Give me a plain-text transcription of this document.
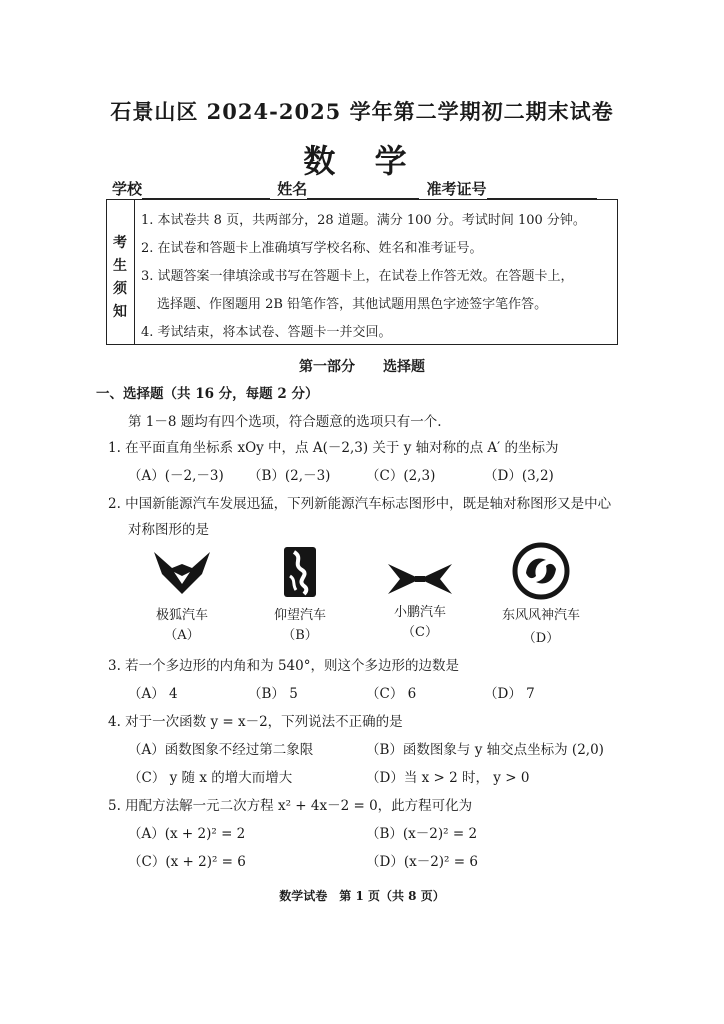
石景山区 2024-2025 学年第二学期初二期末试卷
数 学
学校	姓名	准考证号
考
生
须
知
1. 本试卷共 8 页，共两部分，28 道题。满分 100 分。考试时间 100 分钟。
2. 在试卷和答题卡上准确填写学校名称、姓名和准考证号。
3. 试题答案一律填涂或书写在答题卡上，在试卷上作答无效。在答题卡上，
选择题、作图题用 2B 铅笔作答，其他试题用黑色字迹签字笔作答。
4. 考试结束，将本试卷、答题卡一并交回。
第一部分　　选择题
一、选择题（共 16 分，每题 2 分）
第 1－8 题均有四个选项，符合题意的选项只有一个.
1. 在平面直角坐标系 xOy 中，点 A(－2,3) 关于 y 轴对称的点 A′ 的坐标为
（A）(－2,－3) （B）(2,－3)	（C）(2,3)	（D）(3,2)
2. 中国新能源汽车发展迅猛，下列新能源汽车标志图形中，既是轴对称图形又是中心
对称图形的是
极狐汽车
（A）
仰望汽车
（B）
小鹏汽车
（C）
东风风神汽车
（D）
3. 若一个多边形的内角和为 540°，则这个多边形的边数是
（A） 4	（B） 5	（C） 6	（D） 7
4. 对于一次函数 y = x－2，下列说法不正确的是
（A）函数图象不经过第二象限	（B）函数图象与 y 轴交点坐标为 (2,0)
（C） y 随 x 的增大而增大	（D）当 x > 2 时， y > 0
5. 用配方法解一元二次方程 x² + 4x－2 = 0，此方程可化为
（A）(x + 2)² = 2	（B）(x－2)² = 2
（C）(x + 2)² = 6	（D）(x－2)² = 6
数学试卷　第 1 页（共 8 页）
